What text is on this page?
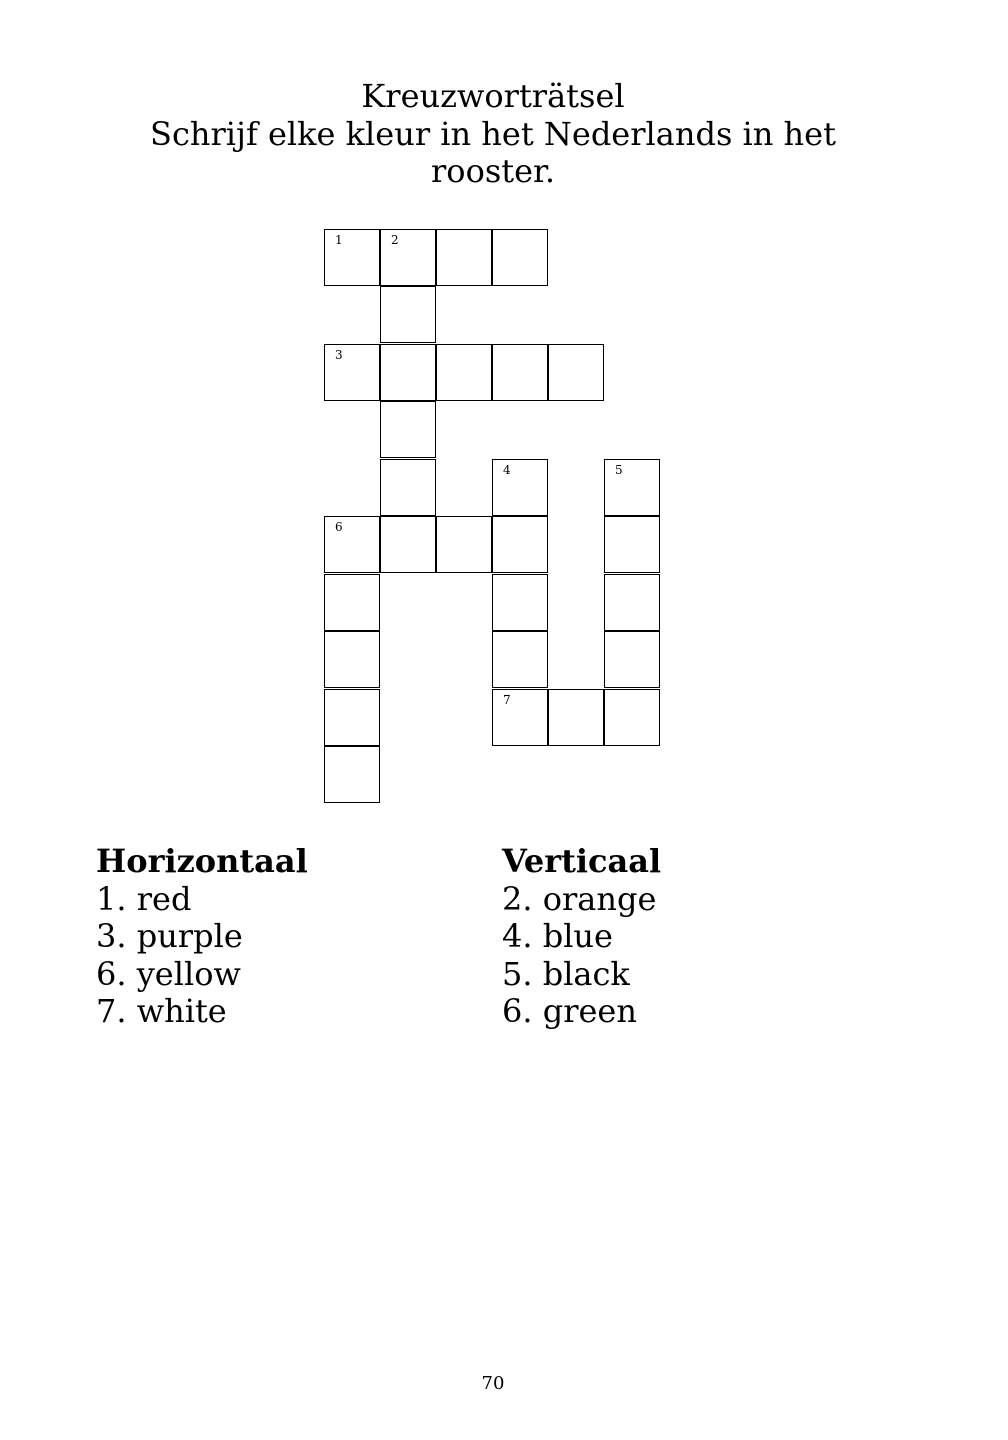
Kreuzworträtsel
Schrijf elke kleur in het Nederlands in het
rooster.
1	2
3
4	5
6
7
Horizontaal
1. red
3. purple
6. yellow
7. white
Verticaal
2. orange
4. blue
5. black
6. green
70
